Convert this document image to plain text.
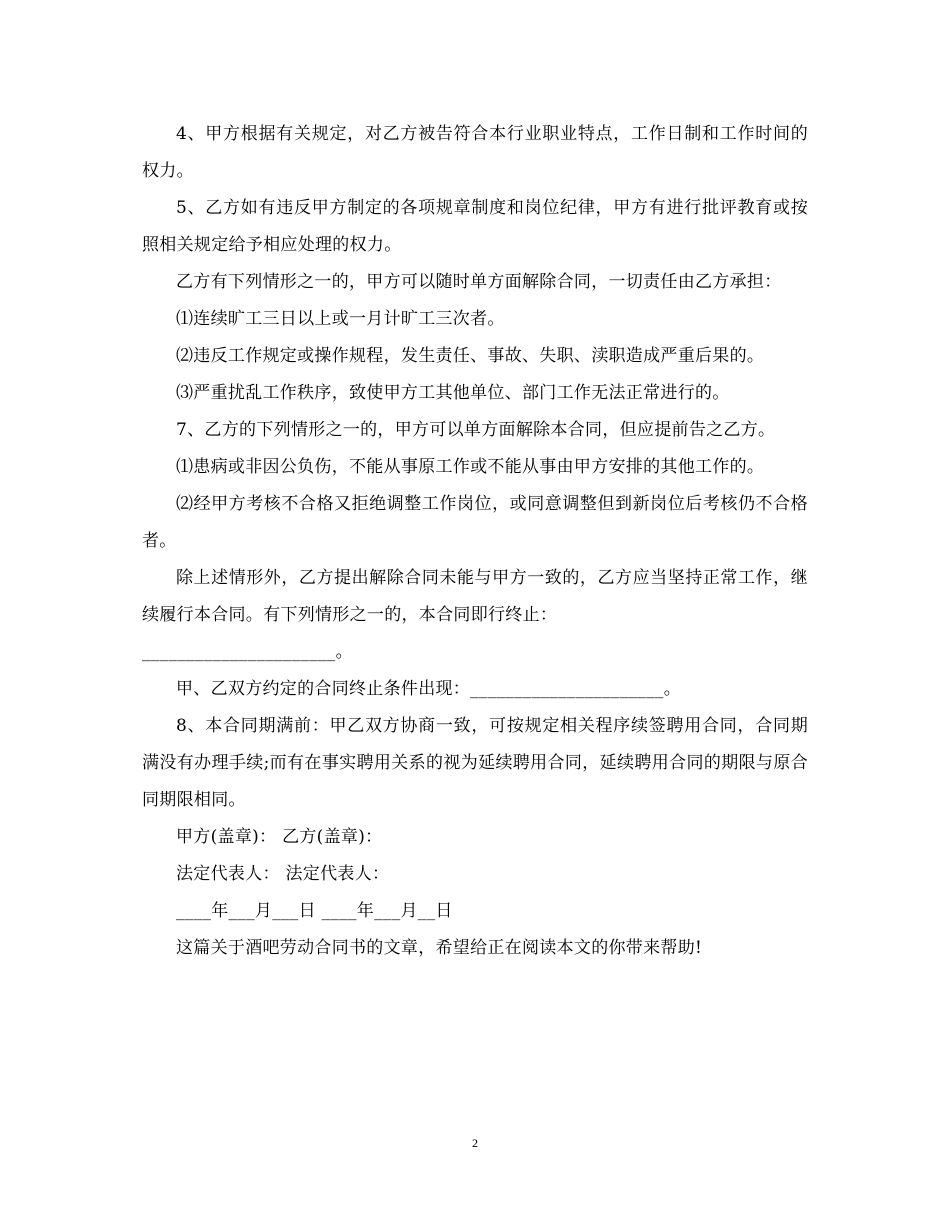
4、甲方根据有关规定，对乙方被告符合本行业职业特点，工作日制和工作时间的权力。

5、乙方如有违反甲方制定的各项规章制度和岗位纪律，甲方有进行批评教育或按照相关规定给予相应处理的权力。

乙方有下列情形之一的，甲方可以随时单方面解除合同，一切责任由乙方承担：

⑴连续旷工三日以上或一月计旷工三次者。

⑵违反工作规定或操作规程，发生责任、事故、失职、渎职造成严重后果的。

⑶严重扰乱工作秩序，致使甲方工其他单位、部门工作无法正常进行的。

7、乙方的下列情形之一的，甲方可以单方面解除本合同，但应提前告之乙方。

⑴患病或非因公负伤，不能从事原工作或不能从事由甲方安排的其他工作的。

⑵经甲方考核不合格又拒绝调整工作岗位，或同意调整但到新岗位后考核仍不合格者。

除上述情形外，乙方提出解除合同未能与甲方一致的，乙方应当坚持正常工作，继续履行本合同。有下列情形之一的，本合同即行终止：

______________________。

甲、乙双方约定的合同终止条件出现：______________________。

8、本合同期满前：甲乙双方协商一致，可按规定相关程序续签聘用合同，合同期满没有办理手续;而有在事实聘用关系的视为延续聘用合同，延续聘用合同的期限与原合同期限相同。

甲方(盖章)： 乙方(盖章)：

法定代表人： 法定代表人：

____年___月___日 ____年___月__日

这篇关于酒吧劳动合同书的文章，希望给正在阅读本文的你带来帮助!

2
